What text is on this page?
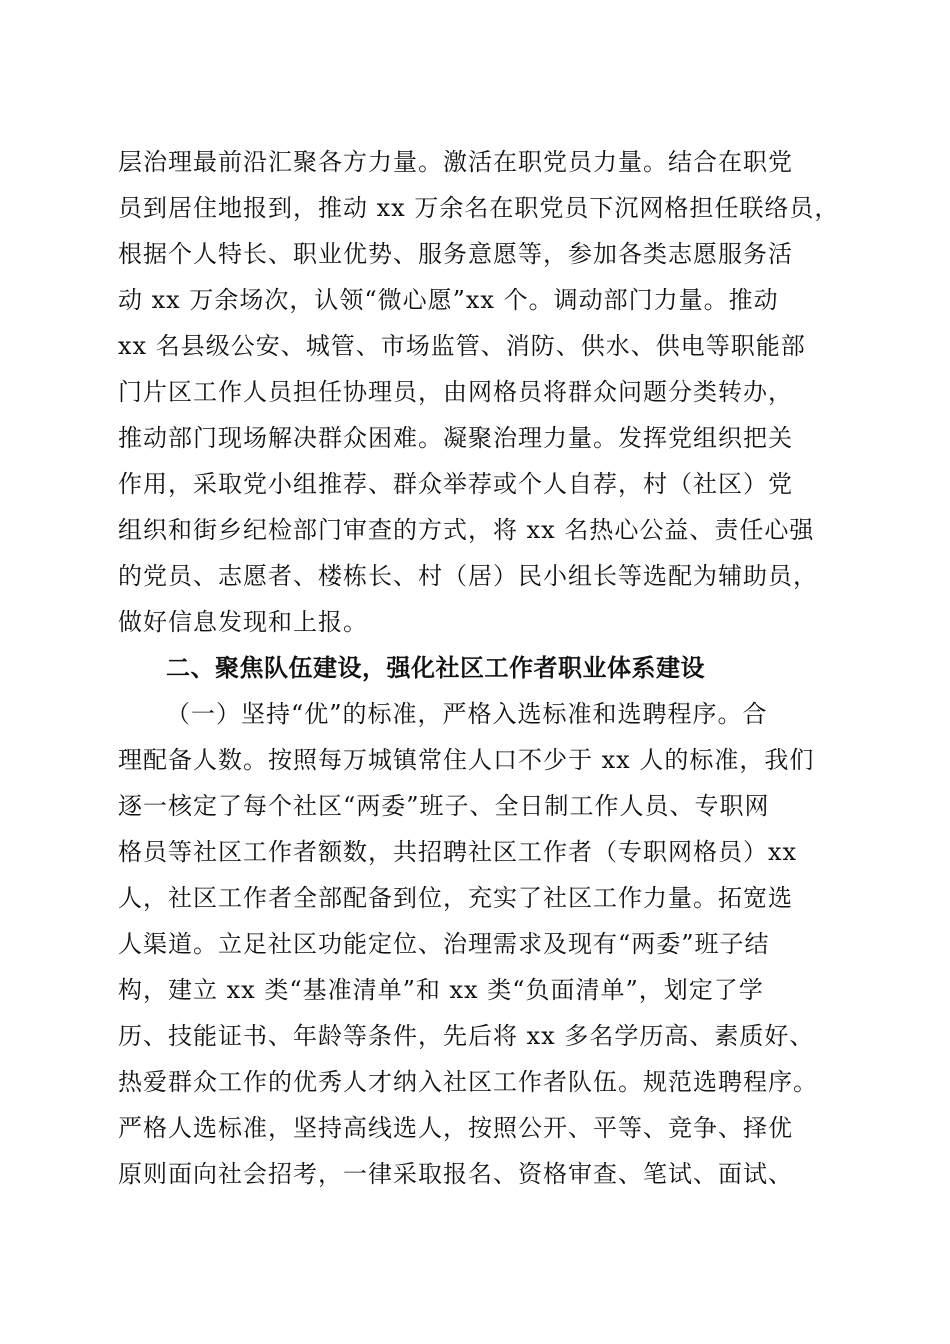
层治理最前沿汇聚各方力量。激活在职党员力量。结合在职党
员到居住地报到，推动 xx 万余名在职党员下沉网格担任联络员，
根据个人特长、职业优势、服务意愿等，参加各类志愿服务活
动 xx 万余场次，认领“微心愿”xx 个。调动部门力量。推动
xx 名县级公安、城管、市场监管、消防、供水、供电等职能部
门片区工作人员担任协理员，由网格员将群众问题分类转办，
推动部门现场解决群众困难。凝聚治理力量。发挥党组织把关
作用，采取党小组推荐、群众举荐或个人自荐，村（社区）党
组织和街乡纪检部门审查的方式，将 xx 名热心公益、责任心强
的党员、志愿者、楼栋长、村（居）民小组长等选配为辅助员，
做好信息发现和上报。
二、聚焦队伍建设，强化社区工作者职业体系建设
（一）坚持“优”的标准，严格入选标准和选聘程序。合
理配备人数。按照每万城镇常住人口不少于 xx 人的标准，我们
逐一核定了每个社区“两委”班子、全日制工作人员、专职网
格员等社区工作者额数，共招聘社区工作者（专职网格员）xx
人，社区工作者全部配备到位，充实了社区工作力量。拓宽选
人渠道。立足社区功能定位、治理需求及现有“两委”班子结
构，建立 xx 类“基准清单”和 xx 类“负面清单”，划定了学
历、技能证书、年龄等条件，先后将 xx 多名学历高、素质好、
热爱群众工作的优秀人才纳入社区工作者队伍。规范选聘程序。
严格人选标准，坚持高线选人，按照公开、平等、竞争、择优
原则面向社会招考，一律采取报名、资格审查、笔试、面试、
